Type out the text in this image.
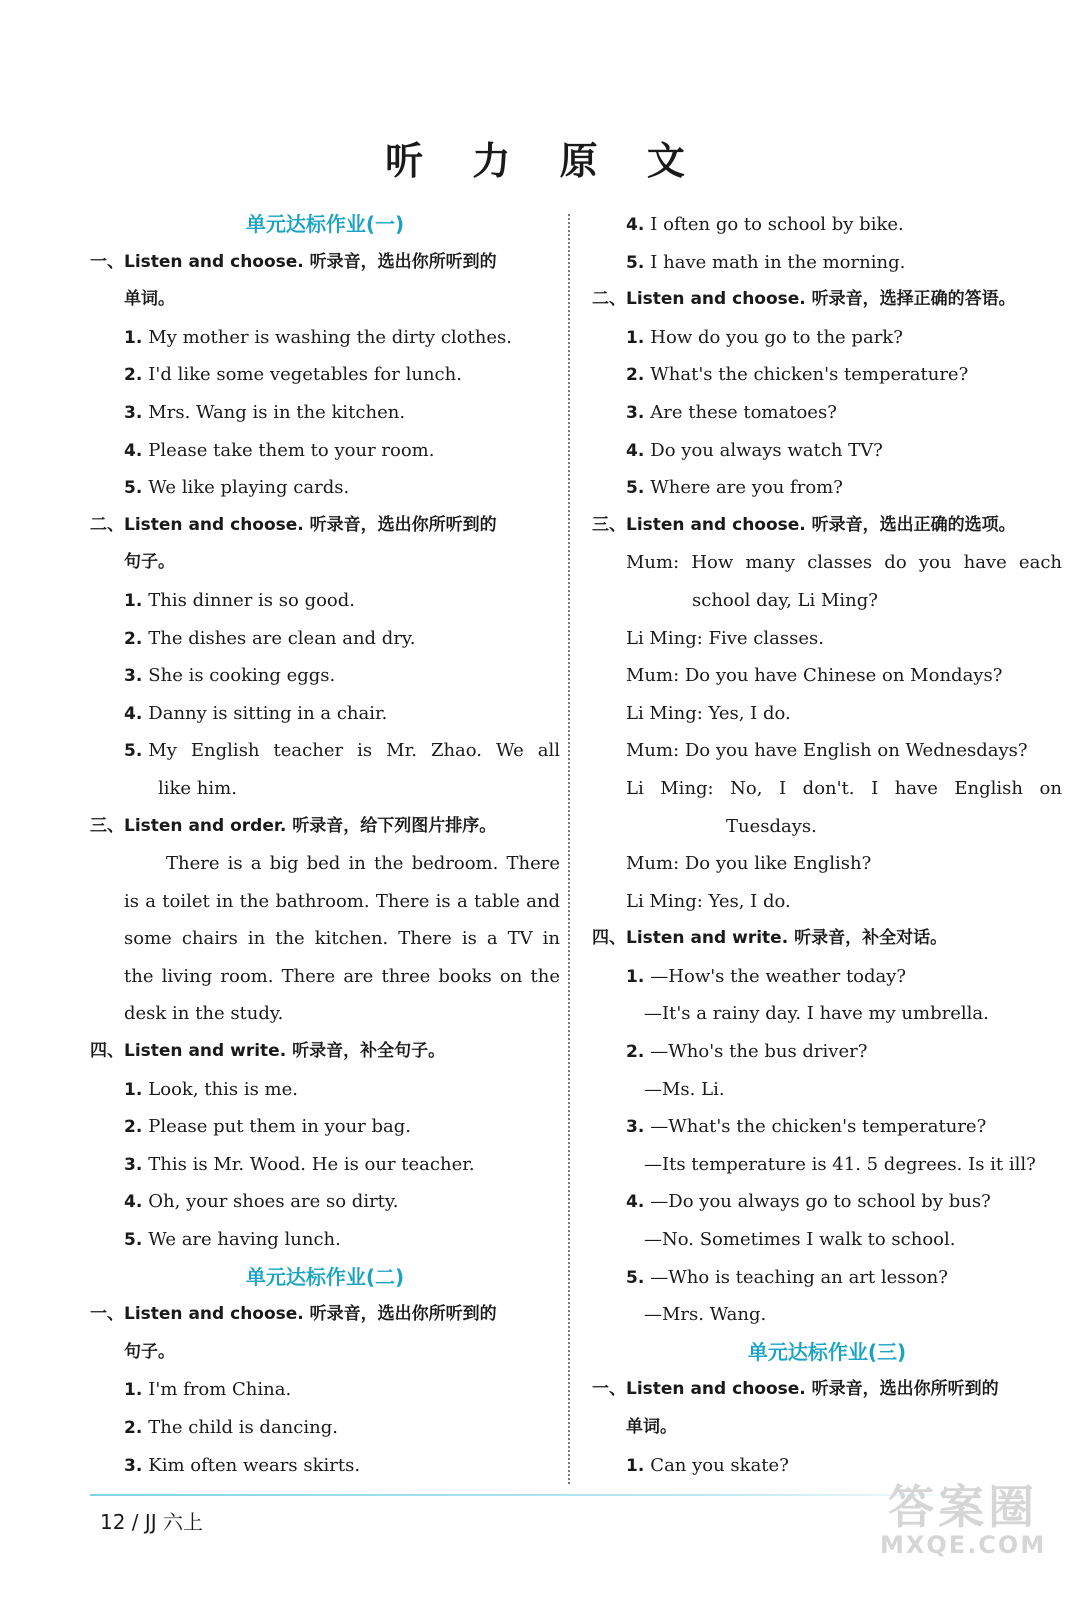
听 力 原 文
单元达标作业(一)
一、Listen and choose. 听录音，选出你所听到的
单词。
1. My mother is washing the dirty clothes.
2. I'd like some vegetables for lunch.
3. Mrs. Wang is in the kitchen.
4. Please take them to your room.
5. We like playing cards.
二、Listen and choose. 听录音，选出你所听到的
句子。
1. This dinner is so good.
2. The dishes are clean and dry.
3. She is cooking eggs.
4. Danny is sitting in a chair.
5. My English teacher is Mr. Zhao. We all
like him.
三、Listen and order. 听录音，给下列图片排序。
There is a big bed in the bedroom. There
is a toilet in the bathroom. There is a table and
some chairs in the kitchen. There is a TV in
the living room. There are three books on the
desk in the study.
四、Listen and write. 听录音，补全句子。
1. Look, this is me.
2. Please put them in your bag.
3. This is Mr. Wood. He is our teacher.
4. Oh, your shoes are so dirty.
5. We are having lunch.
单元达标作业(二)
一、Listen and choose. 听录音，选出你所听到的
句子。
1. I'm from China.
2. The child is dancing.
3. Kim often wears skirts.
4. I often go to school by bike.
5. I have math in the morning.
二、Listen and choose. 听录音，选择正确的答语。
1. How do you go to the park?
2. What's the chicken's temperature?
3. Are these tomatoes?
4. Do you always watch TV?
5. Where are you from?
三、Listen and choose. 听录音，选出正确的选项。
Mum: How many classes do you have each
school day, Li Ming?
Li Ming: Five classes.
Mum: Do you have Chinese on Mondays?
Li Ming: Yes, I do.
Mum: Do you have English on Wednesdays?
Li Ming: No, I don't. I have English on
Tuesdays.
Mum: Do you like English?
Li Ming: Yes, I do.
四、Listen and write. 听录音，补全对话。
1. —How's the weather today?
—It's a rainy day. I have my umbrella.
2. —Who's the bus driver?
—Ms. Li.
3. —What's the chicken's temperature?
—Its temperature is 41. 5 degrees. Is it ill?
4. —Do you always go to school by bus?
—No. Sometimes I walk to school.
5. —Who is teaching an art lesson?
—Mrs. Wang.
单元达标作业(三)
一、Listen and choose. 听录音，选出你所听到的
单词。
1. Can you skate?
12 / JJ 六上	答案圈
MXQE.COM
